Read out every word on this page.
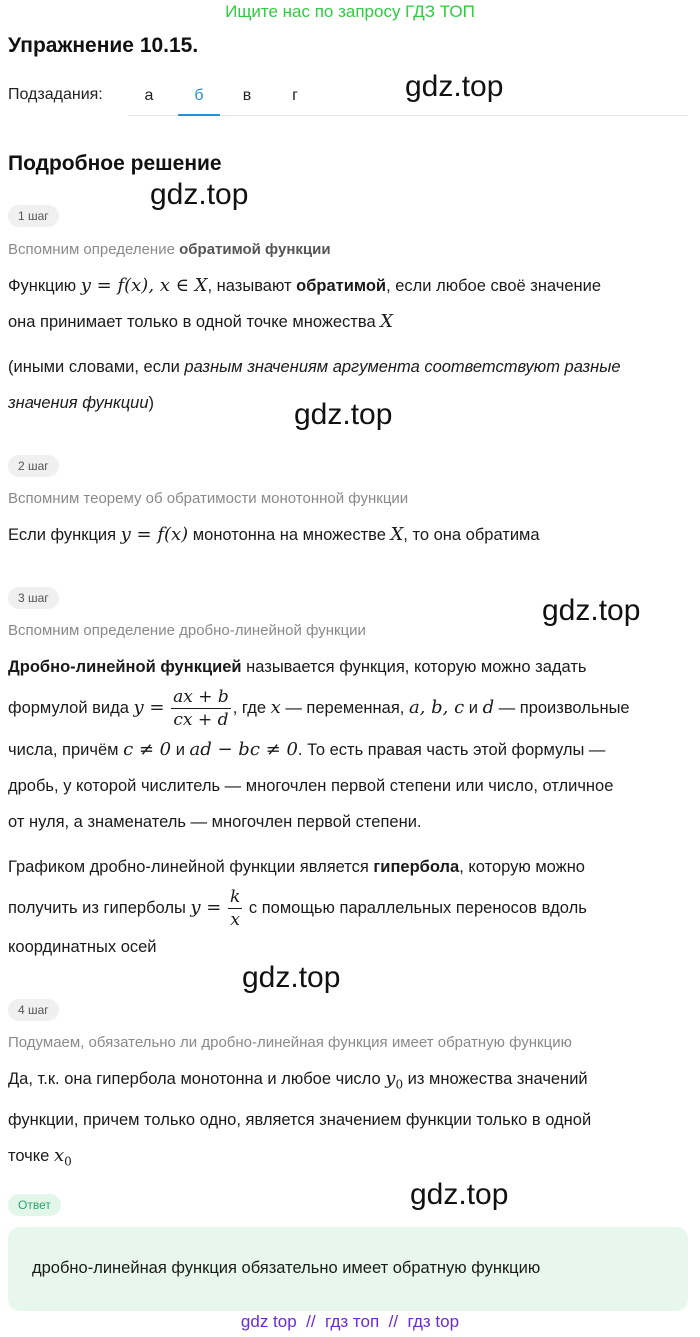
Ищите нас по запросу ГДЗ ТОП
Упражнение 10.15.
Подзадания:	а	б	в	г	gdz.top
Подробное решение
gdz.top
1 шаг
Вспомним определение обратимой функции
Функцию y = f(x), x ∈ X, называют обратимой, если любое своё значение
она принимает только в одной точке множества X
(иными словами, если разным значениям аргумента соответствуют разные
значения функции)	gdz.top
2 шаг
Вспомним теорему об обратимости монотонной функции
Если функция y = f(x) монотонна на множестве X, то она обратима
3 шаг	gdz.top
Вспомним определение дробно-линейной функции
Дробно-линейной функцией называется функция, которую можно задать
формулой вида $y = \frac{ax + b}{cx + d}$ , где x — переменная, a, b, c и d — произвольные
числа, причём c ≠ 0 и ad − bc ≠ 0. То есть правая часть этой формулы —
дробь, у которой числитель — многочлен первой степени или число, отличное
от нуля, а знаменатель — многочлен первой степени.
Графиком дробно-линейной функции является гипербола, которую можно
получить из гиперболы $y = \frac{k}{x}$ с помощью параллельных переносов вдоль
координатных осей
gdz.top
4 шаг
Подумаем, обязательно ли дробно-линейная функция имеет обратную функцию
Да, т.к. она гипербола монотонна и любое число $y_0$ из множества значений
функции, причем только одно, является значением функции только в одной
точке $x_0$
Ответ	gdz.top
дробно-линейная функция обязательно имеет обратную функцию
gdz top // гдз топ // гдз top
